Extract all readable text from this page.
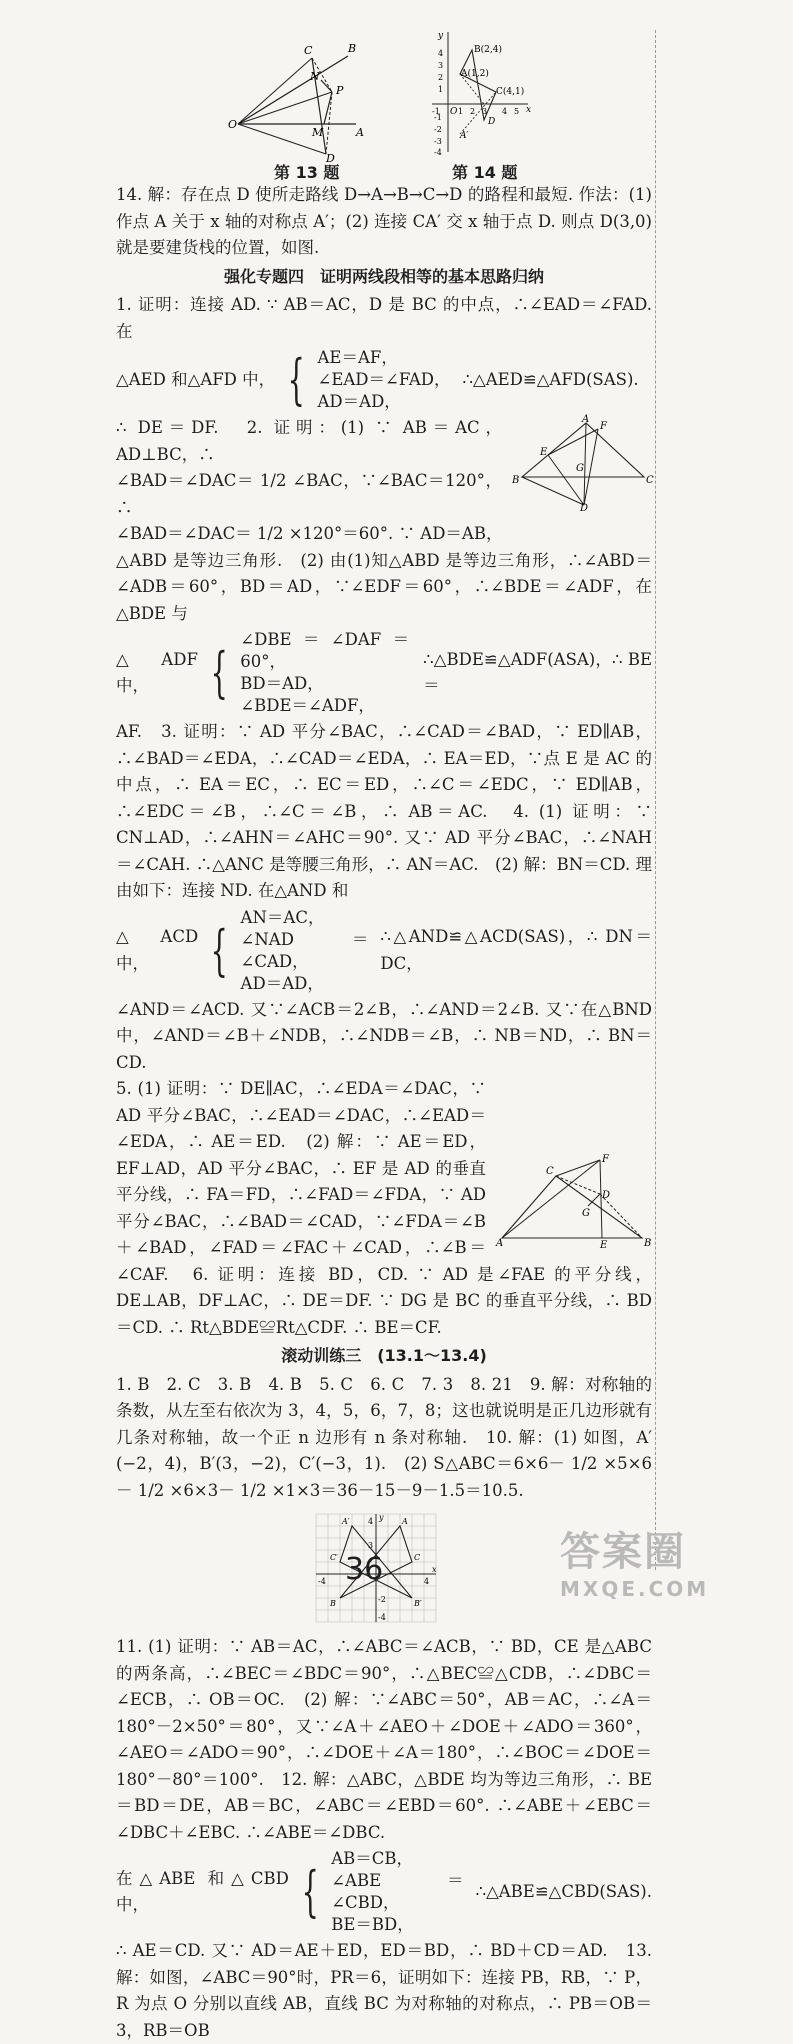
C	B
N
P
O
M	A
D
第 13 题
y
B(2,4)
A(1,2)
C(4,1)
O	x
A′
D
4
3
2
1
-1
-2
-3
-4
-1 1 2 3 4 5
第 14 题

14. 解：存在点 D 使所走路线 D→A→B→C→D 的路程和最短. 作法：(1) 作点 A 关于 x 轴的对称点 A′；(2) 连接 CA′ 交 x 轴于点 D. 则点 D(3,0) 就是要建货栈的位置，如图.

强化专题四　证明两线段相等的基本思路归纳

1. 证明：连接 AD. ∵ AB＝AC，D 是 BC 的中点，∴∠EAD＝∠FAD. 在

△AED 和△AFD 中， { AE＝AF，
∠EAD＝∠FAD，
AD＝AD，
∴△AED≌△AFD(SAS).
A
F
E
B	C
G
D

∴ DE＝DF.　2. 证明：(1) ∵ AB＝AC，AD⊥BC，∴

∠BAD＝∠DAC＝ 1/2 ∠BAC，∵∠BAC＝120°，∴

∠BAD＝∠DAC＝ 1/2 ×120°＝60°. ∵ AD＝AB，

△ABD 是等边三角形.　(2) 由(1)知△ABD 是等边三角形，∴∠ABD＝∠ADB＝60°，BD＝AD，∵∠EDF＝60°，∴∠BDE＝∠ADF，在△BDE 与

△ADF 中，	{
∠DBE＝∠DAF＝60°，
BD＝AD，
∠BDE＝∠ADF，
∴△BDE≌△ADF(ASA)，∴ BE＝

AF.　3. 证明：∵ AD 平分∠BAC，∴∠CAD＝∠BAD，∵ ED∥AB，∴∠BAD＝∠EDA，∴∠CAD＝∠EDA，∴ EA＝ED，∵点 E 是 AC 的中点，∴ EA＝EC，∴ EC＝ED，∴∠C＝∠EDC，∵ ED∥AB，∴∠EDC＝∠B，∴∠C＝∠B，∴ AB＝AC.　4. (1) 证明：∵ CN⊥AD，∴∠AHN＝∠AHC＝90°. 又∵ AD 平分∠BAC，∴∠NAH＝∠CAH. ∴△ANC 是等腰三角形，∴ AN＝AC.　(2) 解：BN＝CD. 理由如下：连接 ND. 在△AND 和

△ACD 中，	{
AN＝AC，
∠NAD＝∠CAD，
AD＝AD，
∴△AND≌△ACD(SAS)，∴ DN＝DC，

∠AND＝∠ACD. 又∵∠ACB＝2∠B，∴∠AND＝2∠B. 又∵在△BND 中，∠AND＝∠B＋∠NDB，∴∠NDB＝∠B，∴ NB＝ND，∴ BN＝CD.

A	B
C
F
D
G
E

5. (1) 证明：∵ DE∥AC，∴∠EDA＝∠DAC，∵ AD 平分∠BAC，∴∠EAD＝∠DAC，∴∠EAD＝∠EDA，∴ AE＝ED.　(2) 解：∵ AE＝ED，EF⊥AD，AD 平分∠BAC，∴ EF 是 AD 的垂直平分线，∴ FA＝FD，∴∠FAD＝∠FDA，∵ AD 平分∠BAC，∴∠BAD＝∠CAD，∵∠FDA＝∠B＋∠BAD，∠FAD＝∠FAC＋∠CAD，∴∠B＝∠CAF.　6. 证明：连接 BD，CD. ∵ AD 是∠FAE 的平分线，DE⊥AB，DF⊥AC，∴ DE＝DF. ∵ DG 是 BC 的垂直平分线，∴ BD＝CD. ∴ Rt△BDE≌Rt△CDF. ∴ BE＝CF.

滚动训练三　(13.1～13.4)

1. B　2. C　3. B　4. B　5. C　6. C　7. 3　8. 21　9. 解：对称轴的条数，从左至右依次为 3，4，5，6，7，8；这也就说明是正几边形就有几条对称轴，故一个正 n 边形有 n 条对称轴.　10. 解：(1) 如图，A′(−2，4)，B′(3，−2)，C′(−3，1).　(2) S△ABC＝6×6－ 1/2 ×5×6－ 1/2 ×6×3－ 1/2 ×1×3＝36－15－9－1.5＝10.5.

A′ 4 y A
3
C
C′
-4	4
x
B	-2	B′
-4

11. (1) 证明：∵ AB＝AC，∴∠ABC＝∠ACB，∵ BD，CE 是△ABC 的两条高，∴∠BEC＝∠BDC＝90°，∴△BEC≌△CDB，∴∠DBC＝∠ECB，∴ OB＝OC.　(2) 解：∵∠ABC＝50°，AB＝AC，∴∠A＝180°－2×50°＝80°，又∵∠A＋∠AEO＋∠DOE＋∠ADO＝360°，∠AEO＝∠ADO＝90°，∴∠DOE＋∠A＝180°，∴∠BOC＝∠DOE＝180°－80°＝100°.　12. 解：△ABC，△BDE 均为等边三角形，∴ BE＝BD＝DE，AB＝BC，∠ABC＝∠EBD＝60°. ∴∠ABE＋∠EBC＝∠DBC＋∠EBC. ∴∠ABE＝∠DBC.

在△ABE 和△CBD 中，	{
AB＝CB，
∠ABE＝∠CBD，
BE＝BD，
∴△ABE≌△CBD(SAS).

∴ AE＝CD. 又∵ AD＝AE＋ED，ED＝BD，∴ BD＋CD＝AD.　13. 解：如图，∠ABC＝90°时，PR＝6，证明如下：连接 PB，RB，∵ P，R 为点 O 分别以直线 AB，直线 BC 为对称轴的对称点，∴ PB＝OB＝3，RB＝OB

36	答案圈
MXQE.COM
